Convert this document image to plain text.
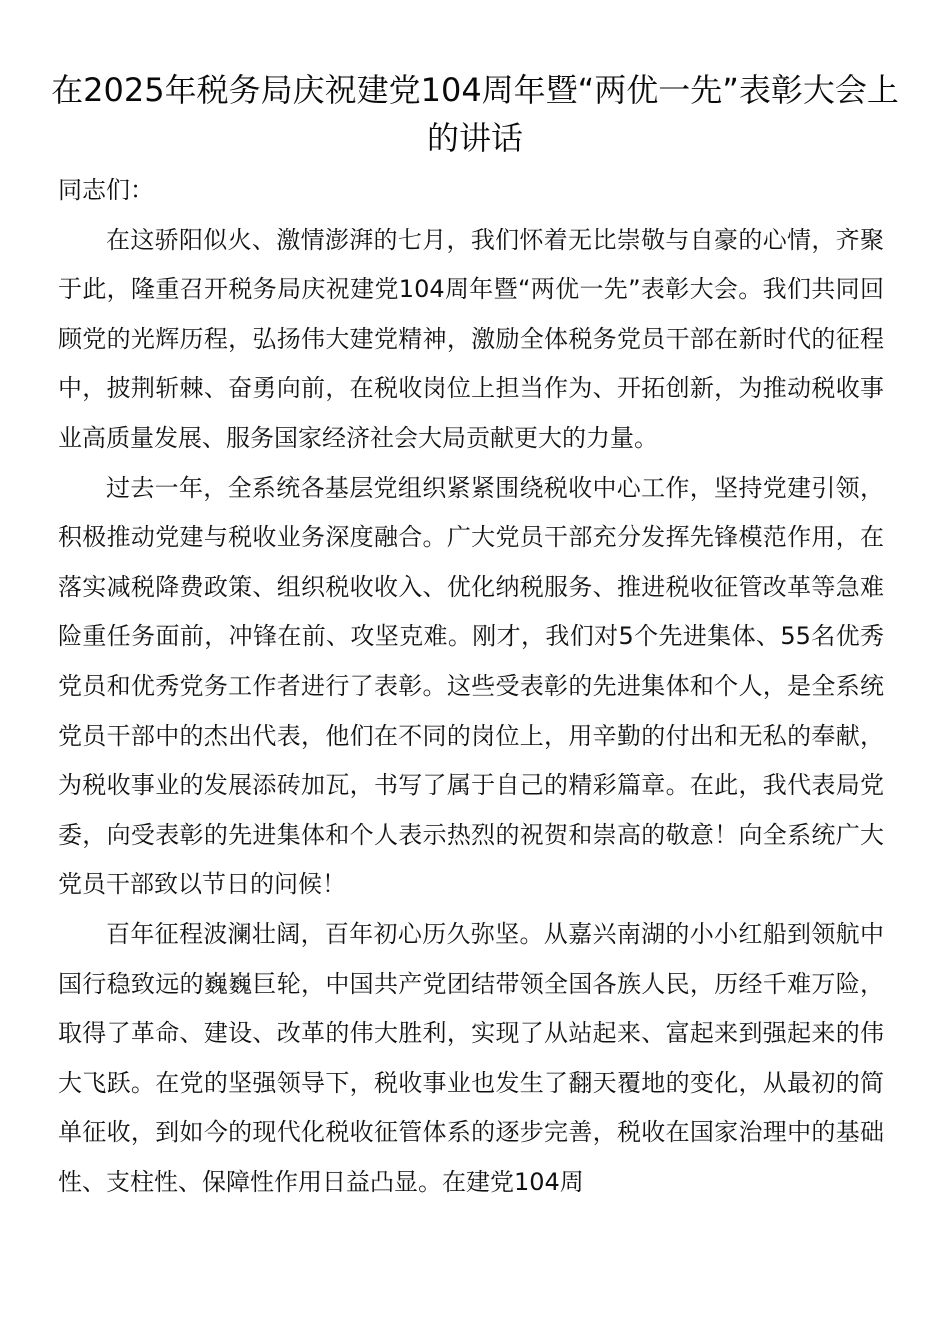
在2025年税务局庆祝建党104周年暨“两优一先”表彰大会上的讲话

同志们：

在这骄阳似火、激情澎湃的七月，我们怀着无比崇敬与自豪的心情，齐聚于此，隆重召开税务局庆祝建党104周年暨“两优一先”表彰大会。我们共同回顾党的光辉历程，弘扬伟大建党精神，激励全体税务党员干部在新时代的征程中，披荆斩棘、奋勇向前，在税收岗位上担当作为、开拓创新，为推动税收事业高质量发展、服务国家经济社会大局贡献更大的力量。

过去一年，全系统各基层党组织紧紧围绕税收中心工作，坚持党建引领，积极推动党建与税收业务深度融合。广大党员干部充分发挥先锋模范作用，在落实减税降费政策、组织税收收入、优化纳税服务、推进税收征管改革等急难险重任务面前，冲锋在前、攻坚克难。刚才，我们对5个先进集体、55名优秀党员和优秀党务工作者进行了表彰。这些受表彰的先进集体和个人，是全系统党员干部中的杰出代表，他们在不同的岗位上，用辛勤的付出和无私的奉献，为税收事业的发展添砖加瓦，书写了属于自己的精彩篇章。在此，我代表局党委，向受表彰的先进集体和个人表示热烈的祝贺和崇高的敬意！向全系统广大党员干部致以节日的问候！

百年征程波澜壮阔，百年初心历久弥坚。从嘉兴南湖的小小红船到领航中国行稳致远的巍巍巨轮，中国共产党团结带领全国各族人民，历经千难万险，取得了革命、建设、改革的伟大胜利，实现了从站起来、富起来到强起来的伟大飞跃。在党的坚强领导下，税收事业也发生了翻天覆地的变化，从最初的简单征收，到如今的现代化税收征管体系的逐步完善，税收在国家治理中的基础性、支柱性、保障性作用日益凸显。在建党104周
